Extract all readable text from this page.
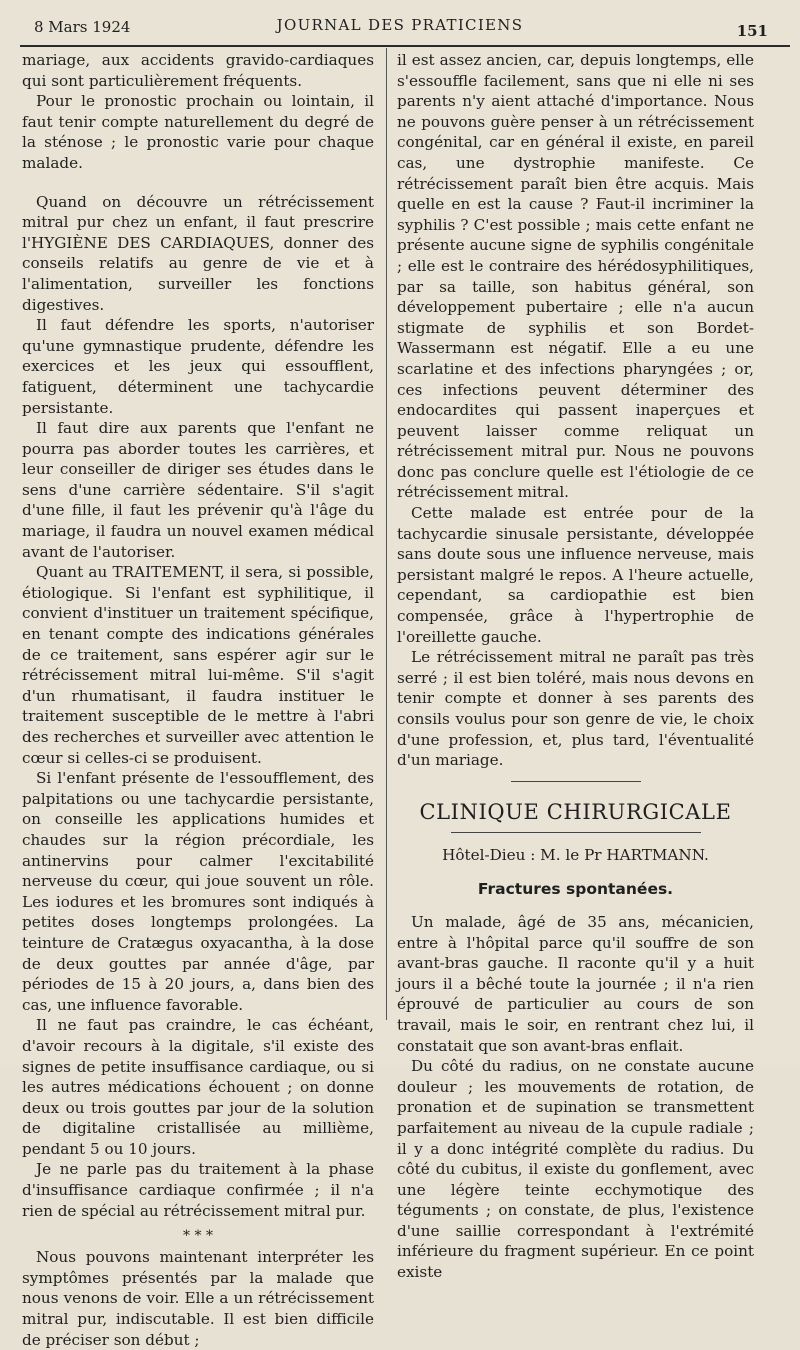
8 Mars 1924	JOURNAL DES PRATICIENS	151

mariage, aux accidents gravido-cardiaques qui sont particulièrement fréquents.

Pour le pronostic prochain ou lointain, il faut tenir compte naturellement du degré de la sténose ; le pronostic varie pour chaque malade.

Quand on découvre un rétrécissement mitral pur chez un enfant, il faut prescrire l'HYGIÈNE DES CARDIAQUES, donner des conseils relatifs au genre de vie et à l'alimentation, surveiller les fonctions digestives.

Il faut défendre les sports, n'autoriser qu'une gymnastique prudente, défendre les exercices et les jeux qui essoufflent, fatiguent, déterminent une tachycardie persistante.

Il faut dire aux parents que l'enfant ne pourra pas aborder toutes les carrières, et leur conseiller de diriger ses études dans le sens d'une carrière sédentaire. S'il s'agit d'une fille, il faut les prévenir qu'à l'âge du mariage, il faudra un nouvel examen médical avant de l'autoriser.

Quant au TRAITEMENT, il sera, si possible, étiologique. Si l'enfant est syphilitique, il convient d'instituer un traitement spécifique, en tenant compte des indications générales de ce traitement, sans espérer agir sur le rétrécissement mitral lui-même. S'il s'agit d'un rhumatisant, il faudra instituer le traitement susceptible de le mettre à l'abri des recherches et surveiller avec attention le cœur si celles-ci se produisent.

Si l'enfant présente de l'essoufflement, des palpitations ou une tachycardie persistante, on conseille les applications humides et chaudes sur la région précordiale, les antinervins pour calmer l'excitabilité nerveuse du cœur, qui joue souvent un rôle. Les iodures et les bromures sont indiqués à petites doses longtemps prolongées. La teinture de Cratægus oxyacantha, à la dose de deux gouttes par année d'âge, par périodes de 15 à 20 jours, a, dans bien des cas, une influence favorable.

Il ne faut pas craindre, le cas échéant, d'avoir recours à la digitale, s'il existe des signes de petite insuffisance cardiaque, ou si les autres médications échouent ; on donne deux ou trois gouttes par jour de la solution de digitaline cristallisée au millième, pendant 5 ou 10 jours.

Je ne parle pas du traitement à la phase d'insuffisance cardiaque confirmée ; il n'a rien de spécial au rétrécissement mitral pur.

* * *

Nous pouvons maintenant interpréter les symptômes présentés par la malade que nous venons de voir. Elle a un rétrécissement mitral pur, indiscutable. Il est bien difficile de préciser son début ;

il est assez ancien, car, depuis longtemps, elle s'essouffle facilement, sans que ni elle ni ses parents n'y aient attaché d'importance. Nous ne pouvons guère penser à un rétrécissement congénital, car en général il existe, en pareil cas, une dystrophie manifeste. Ce rétrécissement paraît bien être acquis. Mais quelle en est la cause ? Faut-il incriminer la syphilis ? C'est possible ; mais cette enfant ne présente aucune signe de syphilis congénitale ; elle est le contraire des hérédosyphilitiques, par sa taille, son habitus général, son développement pubertaire ; elle n'a aucun stigmate de syphilis et son Bordet-Wassermann est négatif. Elle a eu une scarlatine et des infections pharyngées ; or, ces infections peuvent déterminer des endocardites qui passent inaperçues et peuvent laisser comme reliquat un rétrécissement mitral pur. Nous ne pouvons donc pas conclure quelle est l'étiologie de ce rétrécissement mitral.

Cette malade est entrée pour de la tachycardie sinusale persistante, développée sans doute sous une influence nerveuse, mais persistant malgré le repos. A l'heure actuelle, cependant, sa cardiopathie est bien compensée, grâce à l'hypertrophie de l'oreillette gauche.

Le rétrécissement mitral ne paraît pas très serré ; il est bien toléré, mais nous devons en tenir compte et donner à ses parents des consils voulus pour son genre de vie, le choix d'une profession, et, plus tard, l'éventualité d'un mariage.

CLINIQUE CHIRURGICALE
Hôtel-Dieu : M. le Pr HARTMANN.
Fractures spontanées.

Un malade, âgé de 35 ans, mécanicien, entre à l'hôpital parce qu'il souffre de son avant-bras gauche. Il raconte qu'il y a huit jours il a bêché toute la journée ; il n'a rien éprouvé de particulier au cours de son travail, mais le soir, en rentrant chez lui, il constatait que son avant-bras enflait.

Du côté du radius, on ne constate aucune douleur ; les mouvements de rotation, de pronation et de supination se transmettent parfaitement au niveau de la cupule radiale ; il y a donc intégrité complète du radius. Du côté du cubitus, il existe du gonflement, avec une légère teinte ecchymotique des téguments ; on constate, de plus, l'existence d'une saillie correspondant à l'extrémité inférieure du fragment supérieur. En ce point existe
